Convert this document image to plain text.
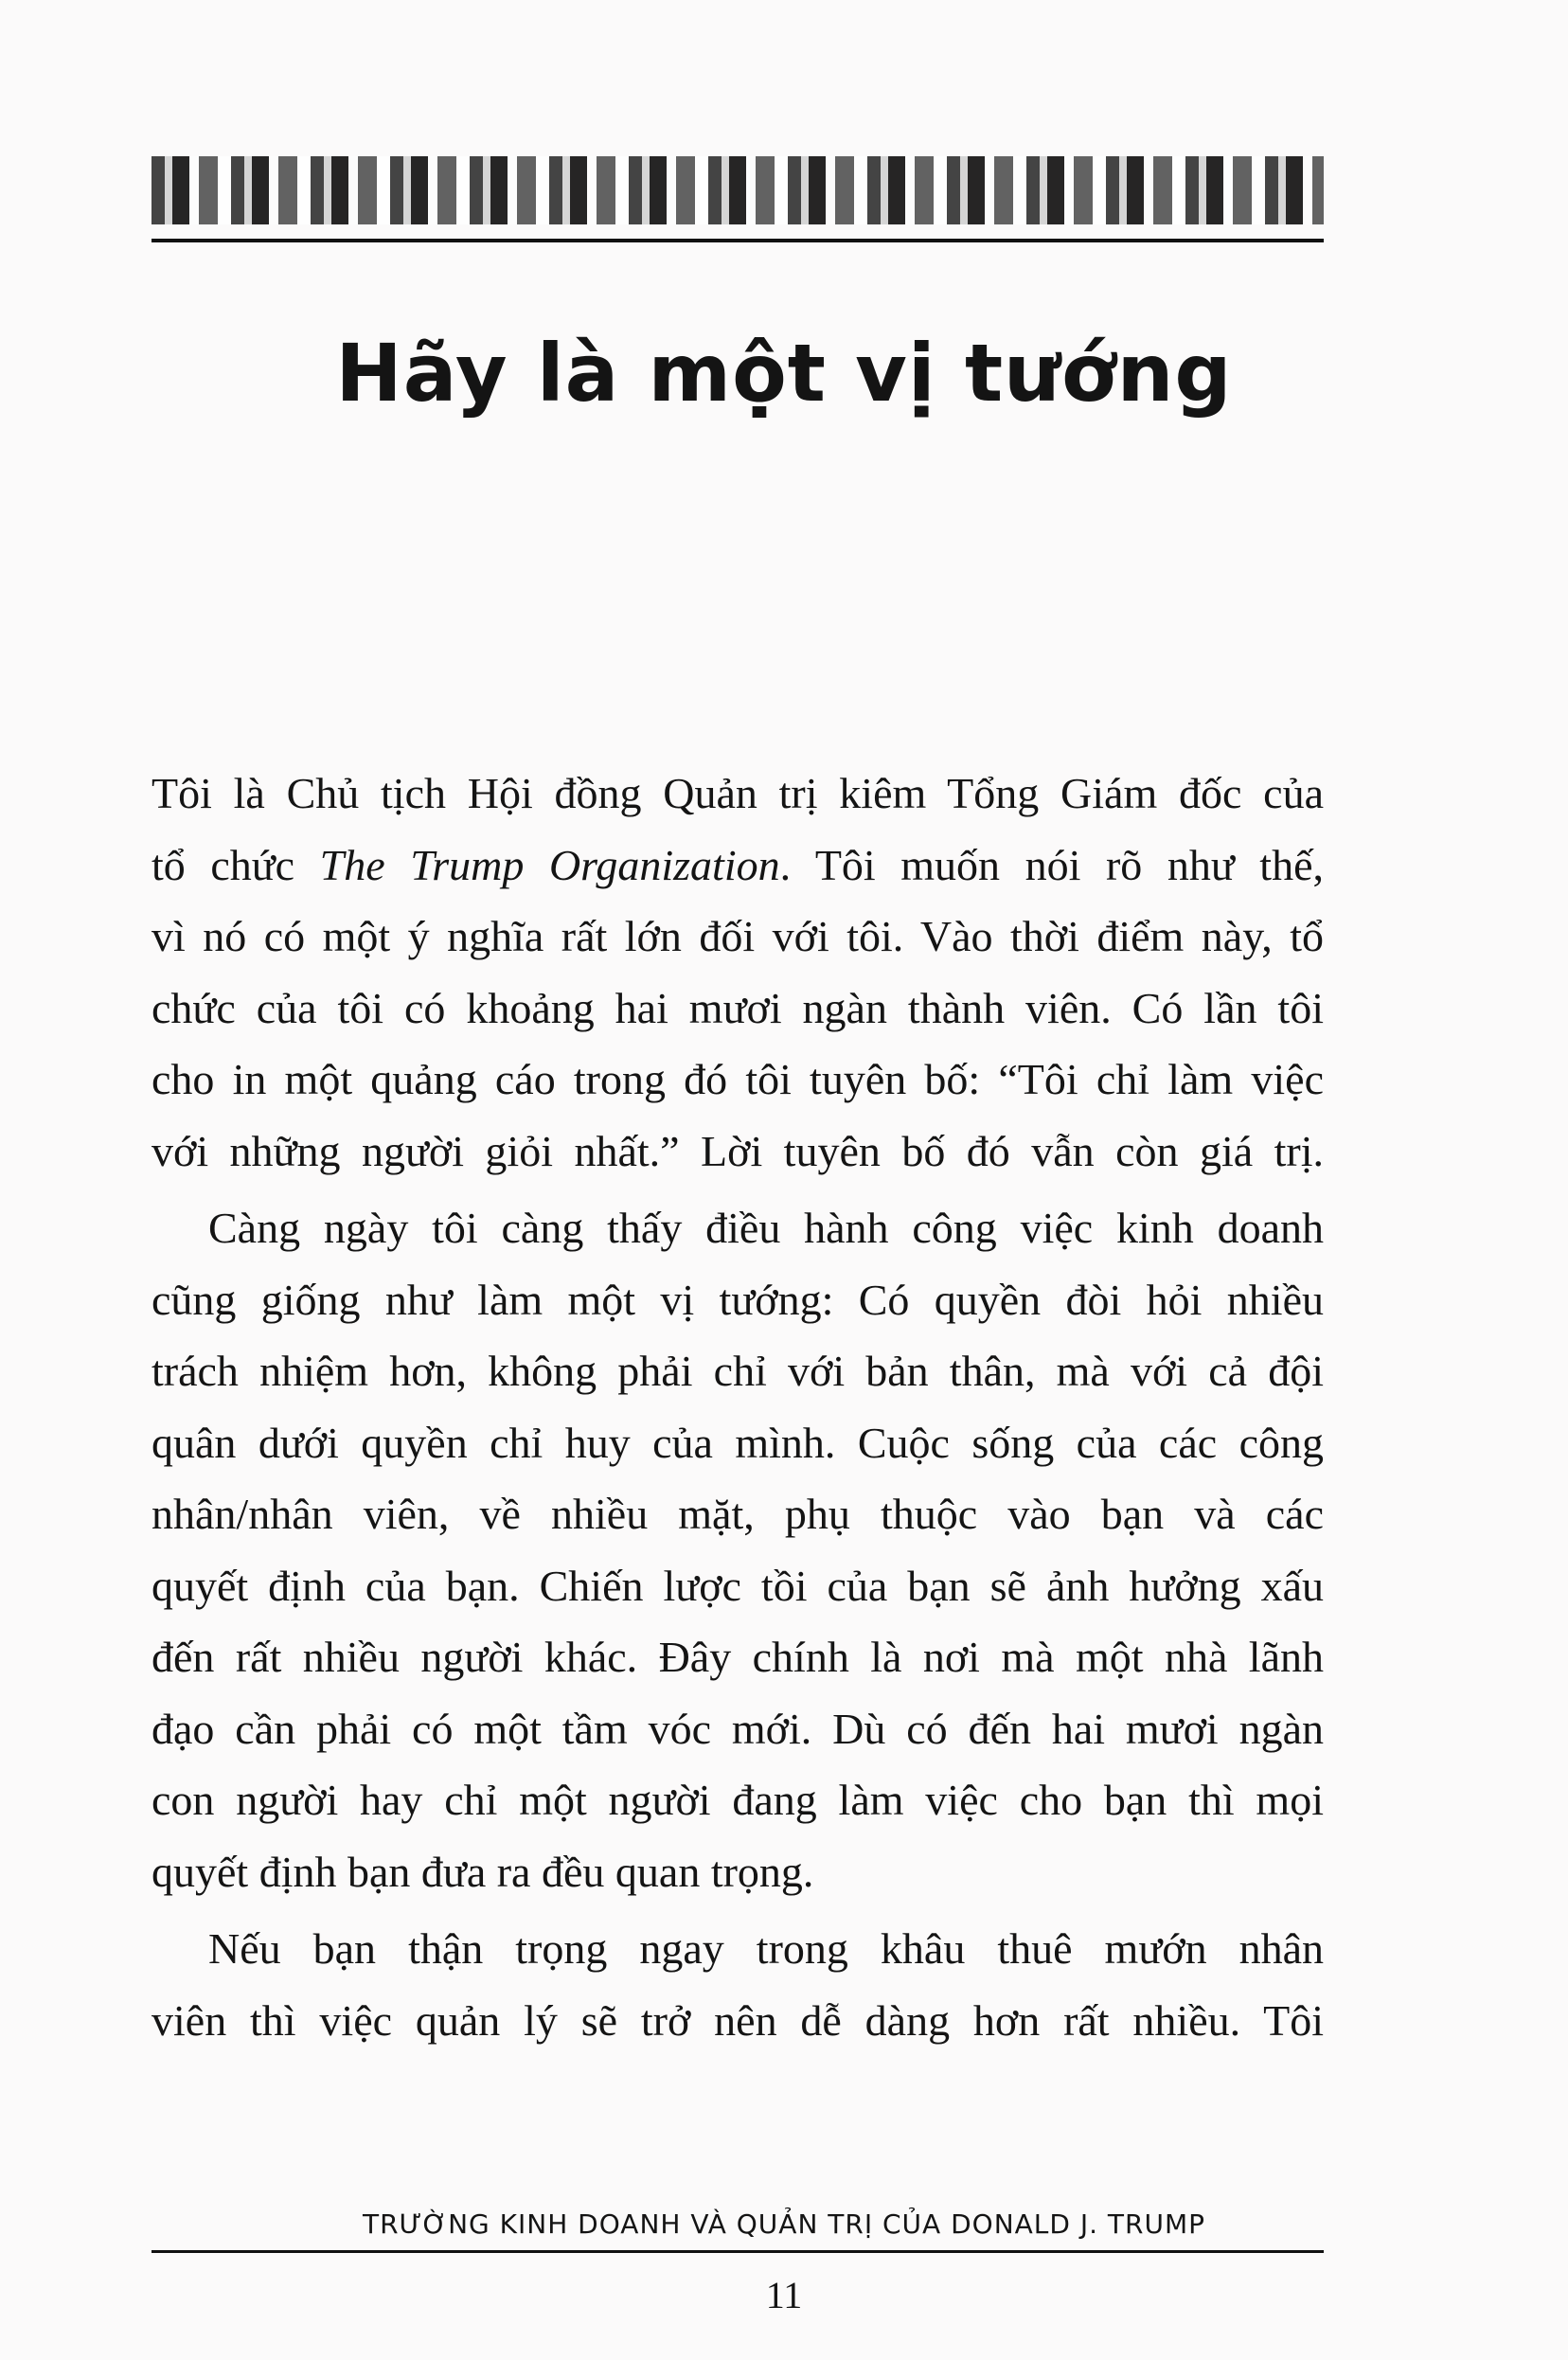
Hãy là một vị tướng
Tôi là Chủ tịch Hội đồng Quản trị kiêm Tổng Giám đốc của
tổ chức The Trump Organization. Tôi muốn nói rõ như thế,
vì nó có một ý nghĩa rất lớn đối với tôi. Vào thời điểm này, tổ
chức của tôi có khoảng hai mươi ngàn thành viên. Có lần tôi
cho in một quảng cáo trong đó tôi tuyên bố: “Tôi chỉ làm việc
với những người giỏi nhất.” Lời tuyên bố đó vẫn còn giá trị.
Càng ngày tôi càng thấy điều hành công việc kinh doanh
cũng giống như làm một vị tướng: Có quyền đòi hỏi nhiều
trách nhiệm hơn, không phải chỉ với bản thân, mà với cả đội
quân dưới quyền chỉ huy của mình. Cuộc sống của các công
nhân/nhân viên, về nhiều mặt, phụ thuộc vào bạn và các
quyết định của bạn. Chiến lược tồi của bạn sẽ ảnh hưởng xấu
đến rất nhiều người khác. Đây chính là nơi mà một nhà lãnh
đạo cần phải có một tầm vóc mới. Dù có đến hai mươi ngàn
con người hay chỉ một người đang làm việc cho bạn thì mọi
quyết định bạn đưa ra đều quan trọng.
Nếu bạn thận trọng ngay trong khâu thuê mướn nhân
viên thì việc quản lý sẽ trở nên dễ dàng hơn rất nhiều. Tôi
TRƯỜNG KINH DOANH VÀ QUẢN TRỊ CỦA DONALD J. TRUMP
11
